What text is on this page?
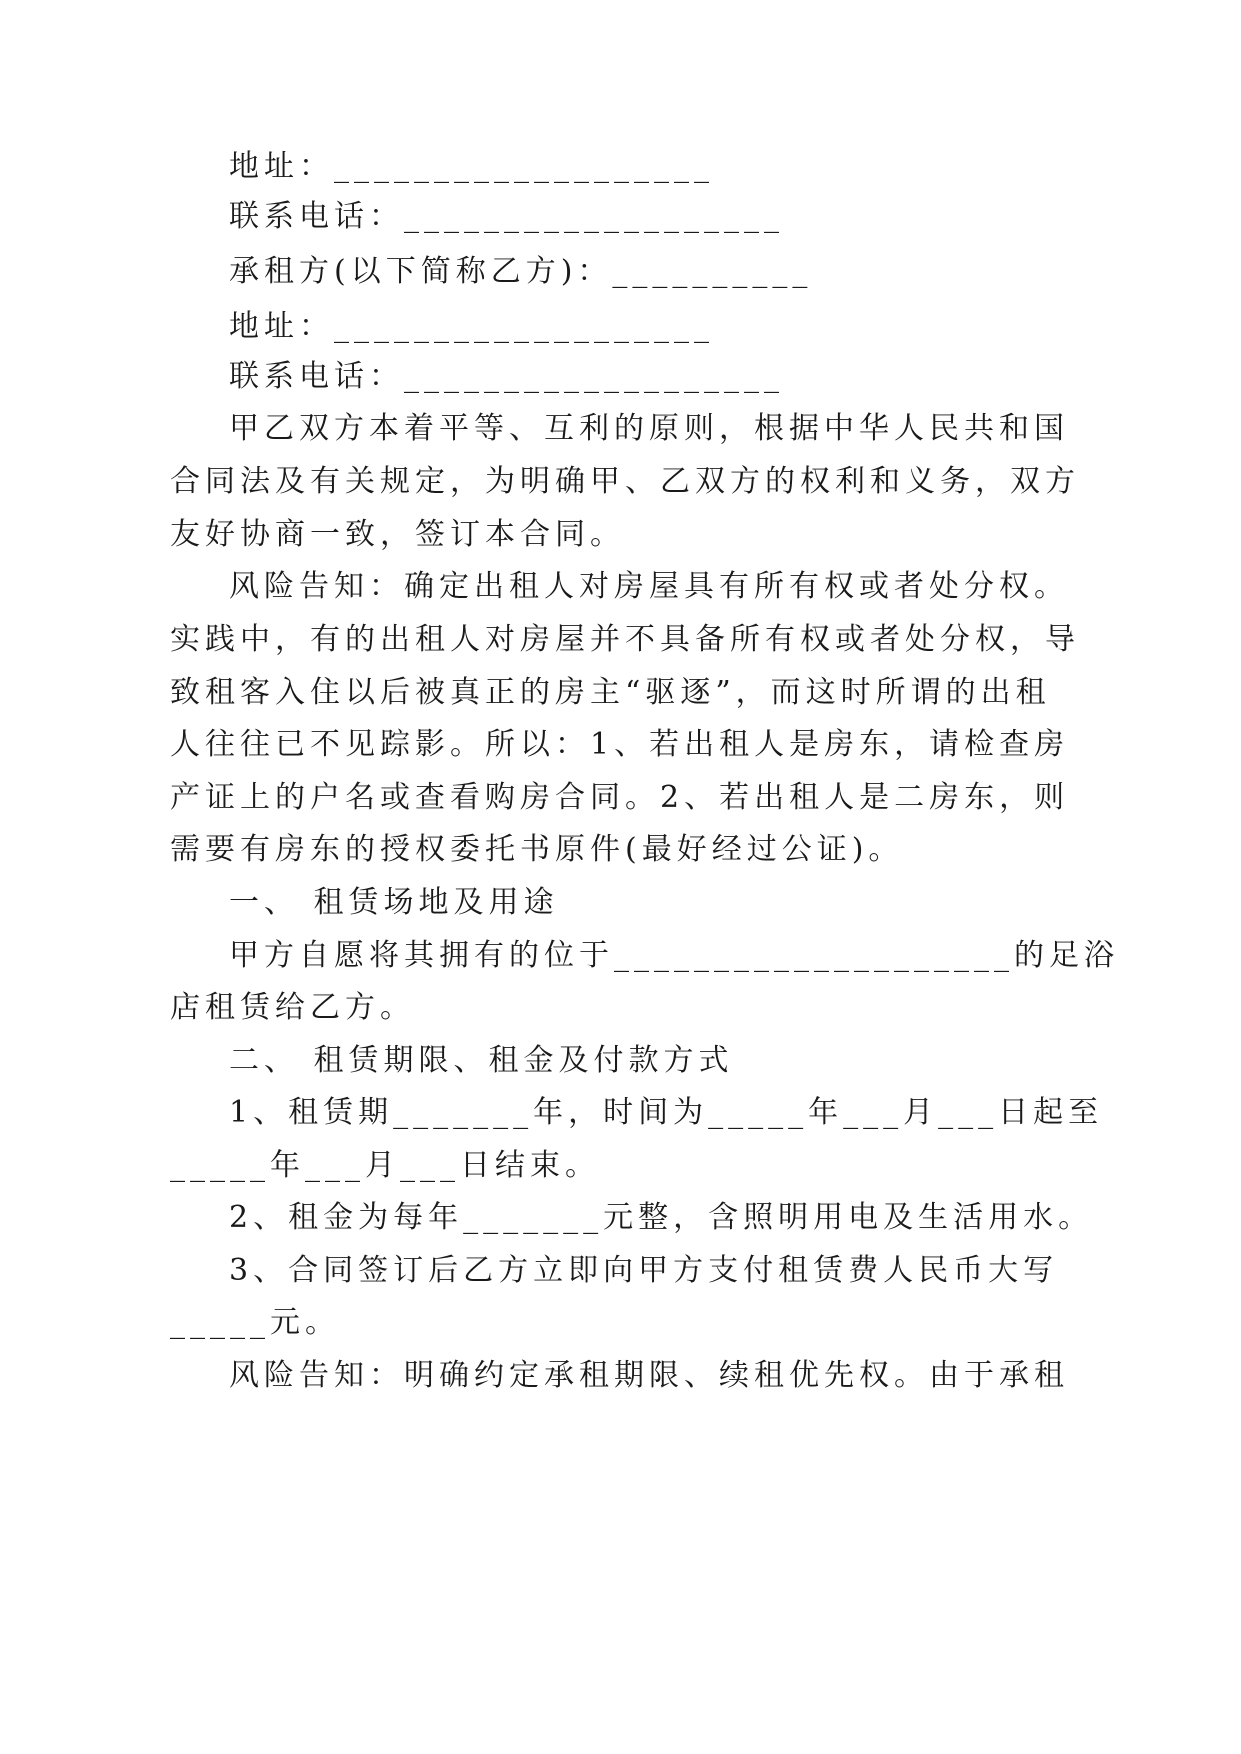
地址：___________________
联系电话：___________________
承租方(以下简称乙方)：__________
地址：___________________
联系电话：___________________
甲乙双方本着平等、互利的原则，根据中华人民共和国
合同法及有关规定，为明确甲、乙双方的权利和义务，双方
友好协商一致，签订本合同。
风险告知：确定出租人对房屋具有所有权或者处分权。
实践中，有的出租人对房屋并不具备所有权或者处分权，导
致租客入住以后被真正的房主“驱逐”，而这时所谓的出租
人往往已不见踪影。所以：1、若出租人是房东，请检查房
产证上的户名或查看购房合同。2、若出租人是二房东，则
需要有房东的授权委托书原件(最好经过公证)。
一、 租赁场地及用途
甲方自愿将其拥有的位于____________________的足浴
店租赁给乙方。
二、 租赁期限、租金及付款方式
1、租赁期_______年，时间为_____年___月___日起至
_____年___月___日结束。
2、租金为每年_______元整，含照明用电及生活用水。
3、合同签订后乙方立即向甲方支付租赁费人民币大写
_____元。
风险告知：明确约定承租期限、续租优先权。由于承租
